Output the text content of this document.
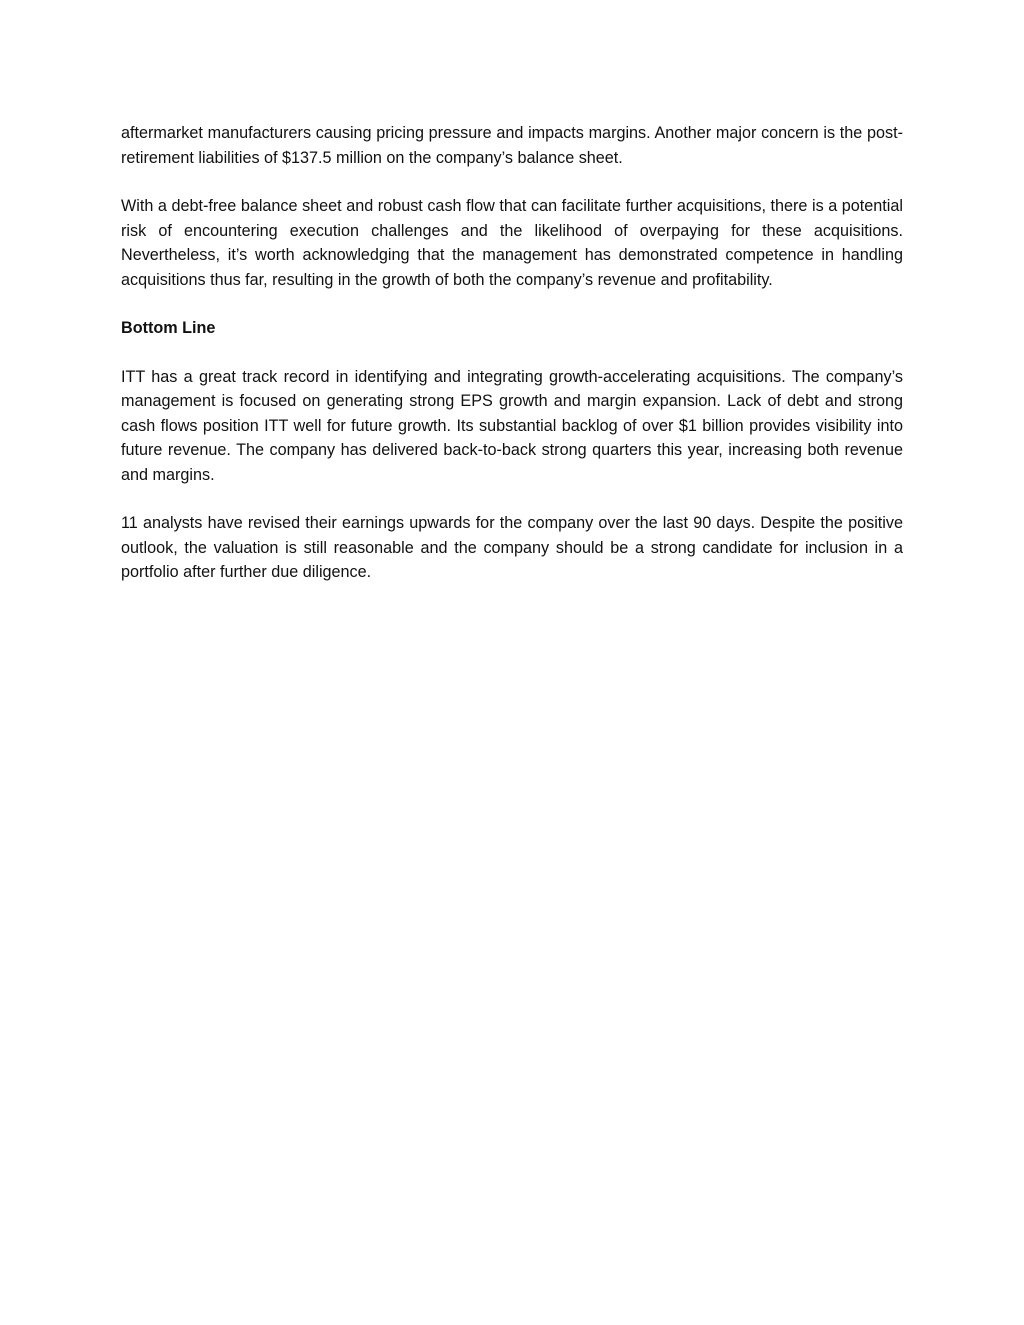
aftermarket manufacturers causing pricing pressure and impacts margins. Another major concern is the post-retirement liabilities of $137.5 million on the company’s balance sheet.

With a debt-free balance sheet and robust cash flow that can facilitate further acquisitions, there is a potential risk of encountering execution challenges and the likelihood of overpaying for these acquisitions. Nevertheless, it’s worth acknowledging that the management has demonstrated competence in handling acquisitions thus far, resulting in the growth of both the company’s revenue and profitability.

Bottom Line

ITT has a great track record in identifying and integrating growth-accelerating acquisitions. The company’s management is focused on generating strong EPS growth and margin expansion. Lack of debt and strong cash flows position ITT well for future growth. Its substantial backlog of over $1 billion provides visibility into future revenue. The company has delivered back-to-back strong quarters this year, increasing both revenue and margins.

11 analysts have revised their earnings upwards for the company over the last 90 days. Despite the positive outlook, the valuation is still reasonable and the company should be a strong candidate for inclusion in a portfolio after further due diligence.
